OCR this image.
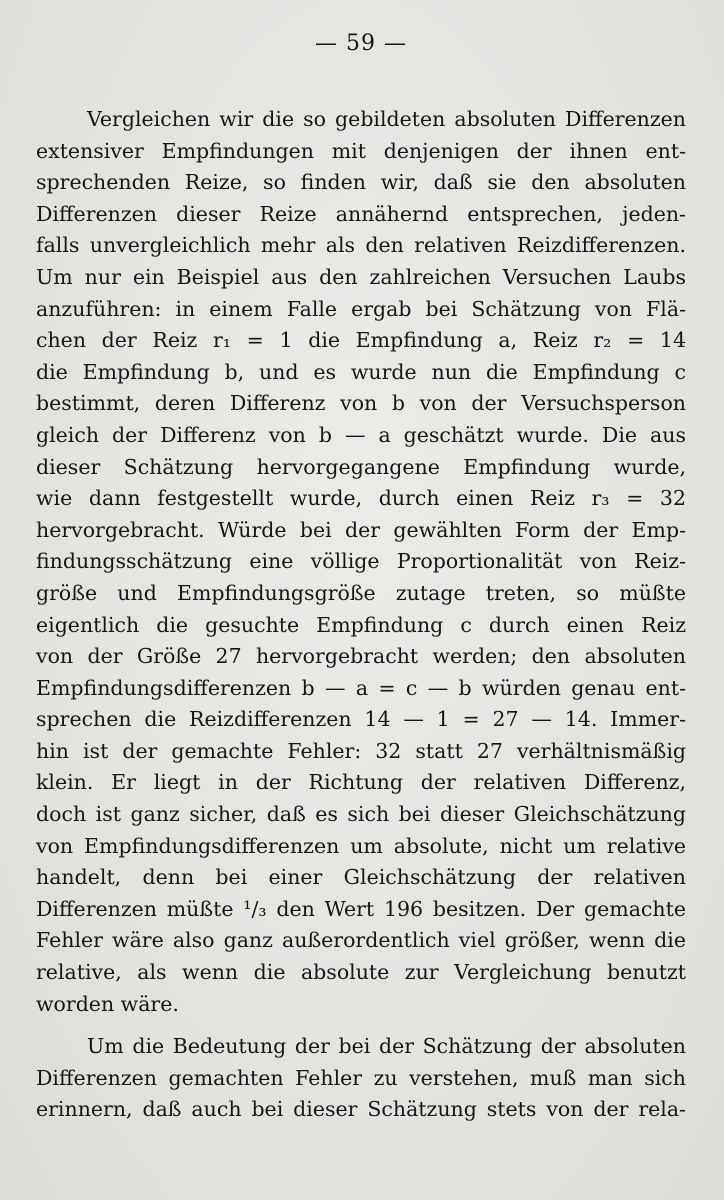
— 59 —
Vergleichen wir die so gebildeten absoluten Differenzen
extensiver Empfindungen mit denjenigen der ihnen ent-
sprechenden Reize, so finden wir, daß sie den absoluten
Differenzen dieser Reize annähernd entsprechen, jeden-
falls unvergleichlich mehr als den relativen Reizdifferenzen.
Um nur ein Beispiel aus den zahlreichen Versuchen Laubs
anzuführen: in einem Falle ergab bei Schätzung von Flä-
chen der Reiz r₁ = 1 die Empfindung a, Reiz r₂ = 14
die Empfindung b, und es wurde nun die Empfindung c
bestimmt, deren Differenz von b von der Versuchsperson
gleich der Differenz von b — a geschätzt wurde. Die aus
dieser Schätzung hervorgegangene Empfindung wurde,
wie dann festgestellt wurde, durch einen Reiz r₃ = 32
hervorgebracht. Würde bei der gewählten Form der Emp-
findungsschätzung eine völlige Proportionalität von Reiz-
größe und Empfindungsgröße zutage treten, so müßte
eigentlich die gesuchte Empfindung c durch einen Reiz
von der Größe 27 hervorgebracht werden; den absoluten
Empfindungsdifferenzen b — a = c — b würden genau ent-
sprechen die Reizdifferenzen 14 — 1 = 27 — 14. Immer-
hin ist der gemachte Fehler: 32 statt 27 verhältnismäßig
klein. Er liegt in der Richtung der relativen Differenz,
doch ist ganz sicher, daß es sich bei dieser Gleichschätzung
von Empfindungsdifferenzen um absolute, nicht um relative
handelt, denn bei einer Gleichschätzung der relativen
Differenzen müßte ¹/₃ den Wert 196 besitzen. Der gemachte
Fehler wäre also ganz außerordentlich viel größer, wenn die
relative, als wenn die absolute zur Vergleichung benutzt
worden wäre.
Um die Bedeutung der bei der Schätzung der absoluten
Differenzen gemachten Fehler zu verstehen, muß man sich
erinnern, daß auch bei dieser Schätzung stets von der rela-
